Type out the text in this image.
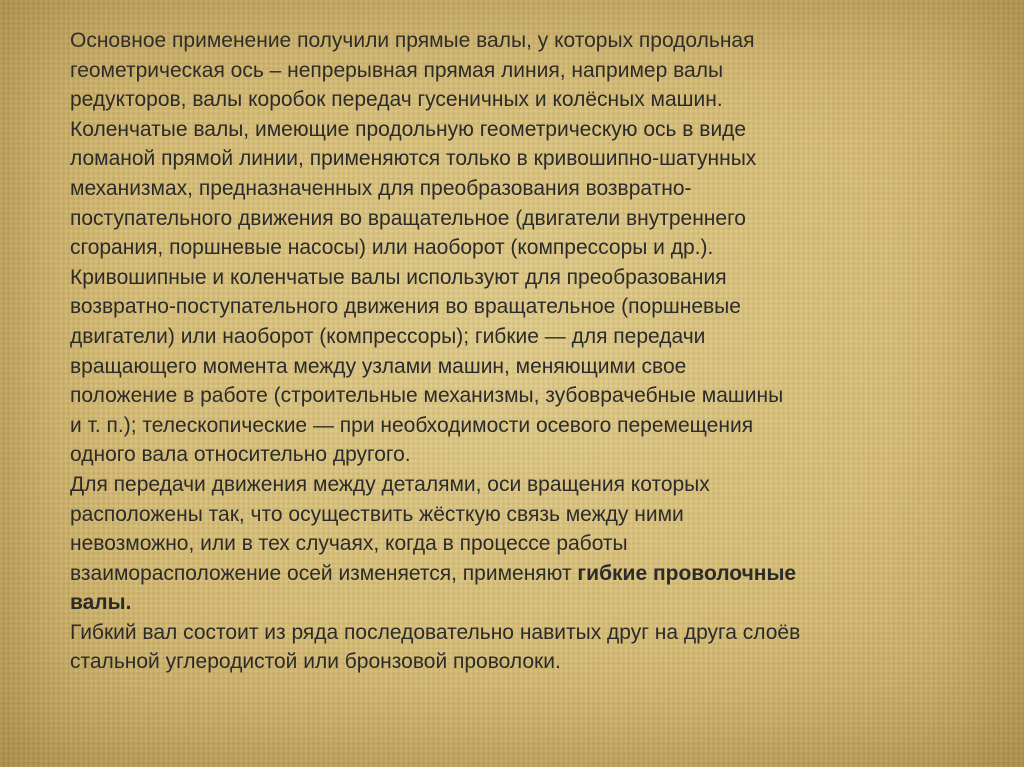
Основное применение получили прямые валы, у которых продольная
геометрическая ось – непрерывная прямая линия, например валы
редукторов, валы коробок передач гусеничных и колёсных машин.

Коленчатые валы, имеющие продольную геометрическую ось в виде
ломаной прямой линии, применяются только в кривошипно-шатунных
механизмах, предназначенных для преобразования возвратно-
поступательного движения во вращательное (двигатели внутреннего
сгорания, поршневые насосы) или наоборот (компрессоры и др.).

Кривошипные и коленчатые валы используют для преобразования
возвратно-поступательного движения во вращательное (поршневые
двигатели) или наоборот (компрессоры); гибкие — для передачи
вращающего момента между узлами машин, меняющими свое
положение в работе (строительные механизмы, зубоврачебные машины
и т. п.); телескопические — при необходимости осевого перемещения
одного вала относительно другого.

Для передачи движения между деталями, оси вращения которых
расположены так, что осуществить жёсткую связь между ними
невозможно, или в тех случаях, когда в процессе работы
взаиморасположение осей изменяется, применяют гибкие проволочные
валы.

Гибкий вал состоит из ряда последовательно навитых друг на друга слоёв
стальной углеродистой или бронзовой проволоки.
